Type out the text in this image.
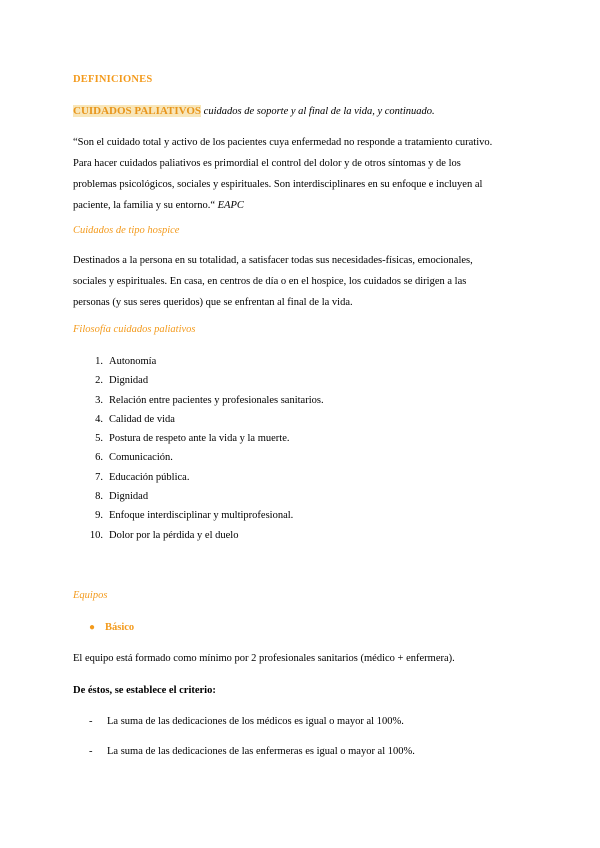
DEFINICIONES
CUIDADOS PALIATIVOS cuidados de soporte y al final de la vida, y continuado.
“Son el cuidado total y activo de los pacientes cuya enfermedad no responde a tratamiento curativo.
Para hacer cuidados paliativos es primordial el control del dolor y de otros síntomas y de los
problemas psicológicos, sociales y espirituales. Son interdisciplinares en su enfoque e incluyen al
paciente, la familia y su entorno.“ EAPC
Cuidados de tipo hospice
Destinados a la persona en su totalidad, a satisfacer todas sus necesidades-físicas, emocionales,
sociales y espirituales. En casa, en centros de día o en el hospice, los cuidados se dirigen a las
personas (y sus seres queridos) que se enfrentan al final de la vida.
Filosofía cuidados paliativos
1. Autonomía
2. Dignidad
3. Relación entre pacientes y profesionales sanitarios.
4. Calidad de vida
5. Postura de respeto ante la vida y la muerte.
6. Comunicación.
7. Educación pública.
8. Dignidad
9. Enfoque interdisciplinar y multiprofesional.
10. Dolor por la pérdida y el duelo
Equipos
● Básico
El equipo está formado como mínimo por 2 profesionales sanitarios (médico + enfermera).
De éstos, se establece el criterio:
- La suma de las dedicaciones de los médicos es igual o mayor al 100%.
- La suma de las dedicaciones de las enfermeras es igual o mayor al 100%.
